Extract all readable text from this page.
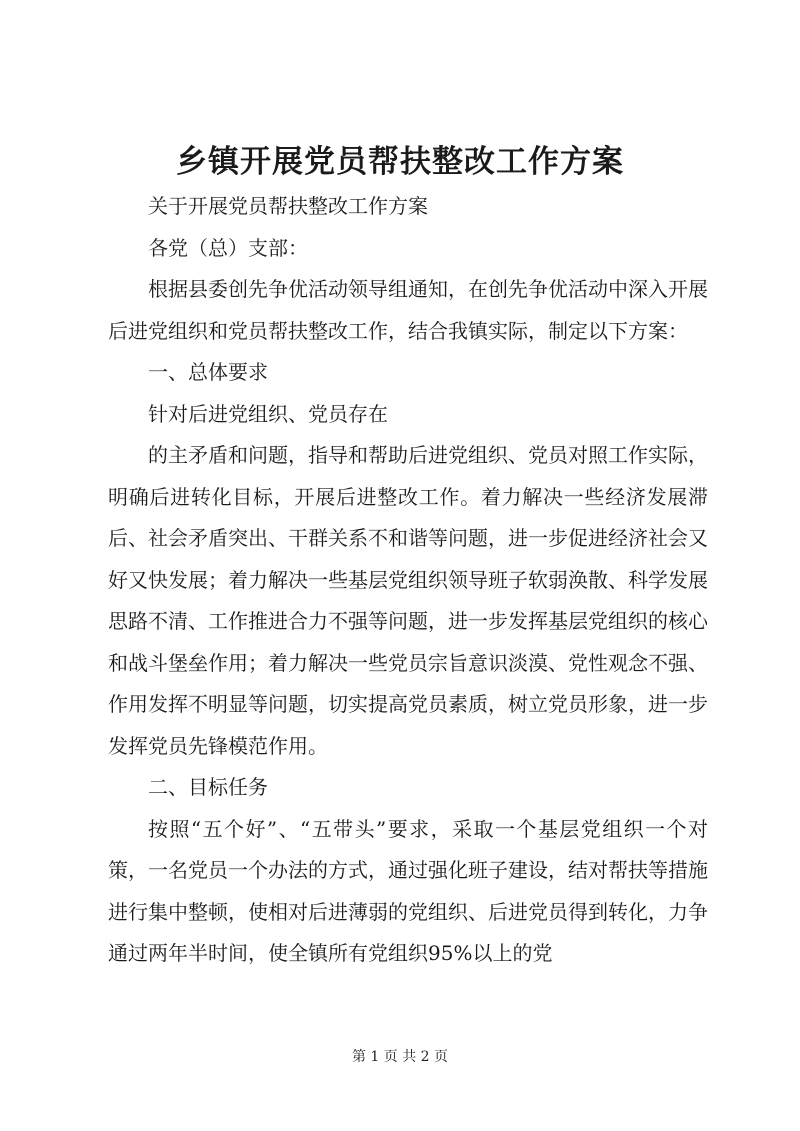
乡镇开展党员帮扶整改工作方案

关于开展党员帮扶整改工作方案

各党（总）支部：

根据县委创先争优活动领导组通知，在创先争优活动中深入开展后进党组织和党员帮扶整改工作，结合我镇实际，制定以下方案：

一、总体要求

针对后进党组织、党员存在

的主矛盾和问题，指导和帮助后进党组织、党员对照工作实际，明确后进转化目标，开展后进整改工作。着力解决一些经济发展滞后、社会矛盾突出、干群关系不和谐等问题，进一步促进经济社会又好又快发展；着力解决一些基层党组织领导班子软弱涣散、科学发展思路不清、工作推进合力不强等问题，进一步发挥基层党组织的核心和战斗堡垒作用；着力解决一些党员宗旨意识淡漠、党性观念不强、作用发挥不明显等问题，切实提高党员素质，树立党员形象，进一步发挥党员先锋模范作用。

二、目标任务

按照“五个好”、“五带头”要求，采取一个基层党组织一个对策，一名党员一个办法的方式，通过强化班子建设，结对帮扶等措施进行集中整顿，使相对后进薄弱的党组织、后进党员得到转化，力争通过两年半时间，使全镇所有党组织95%以上的党

第 1 页 共 2 页
